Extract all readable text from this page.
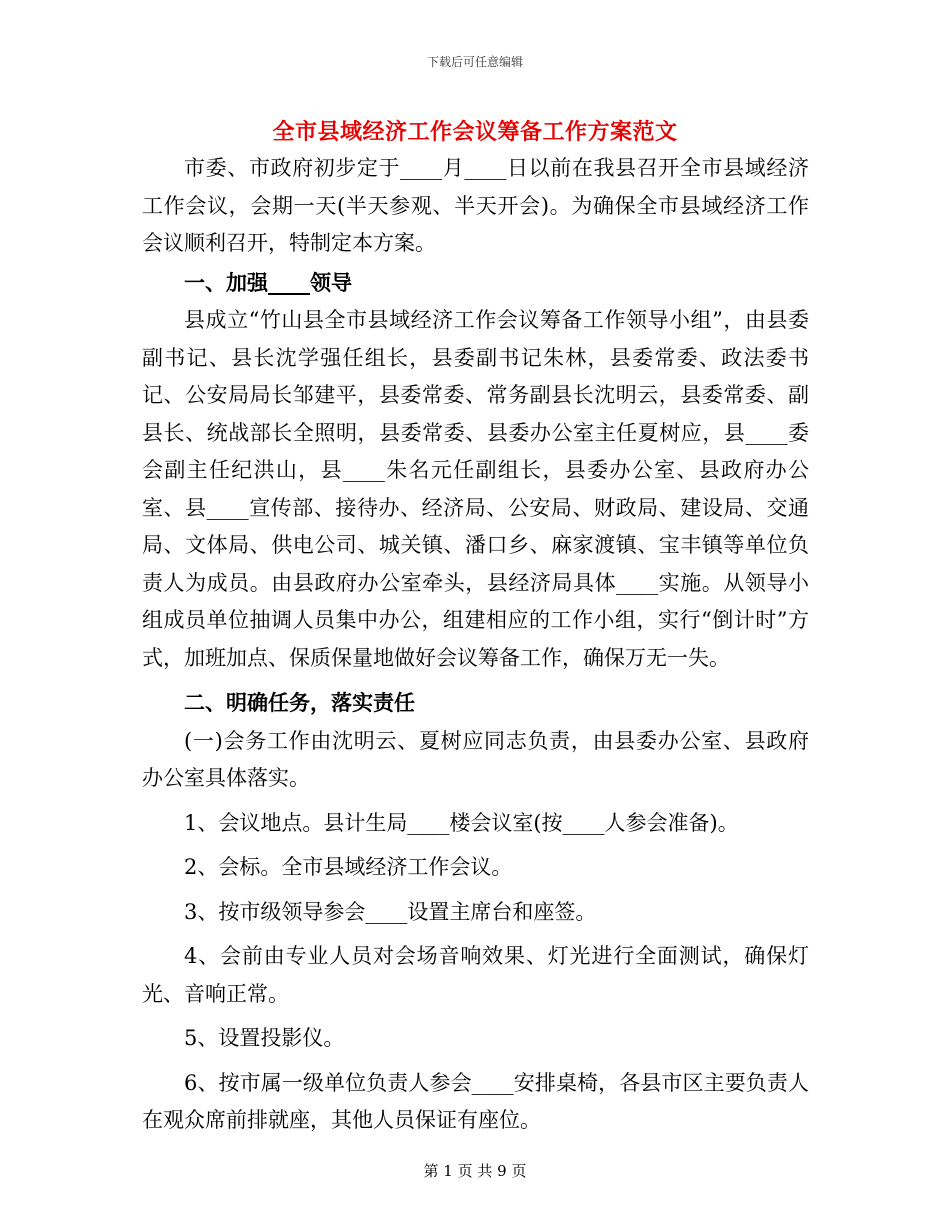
下载后可任意编辑
全市县域经济工作会议筹备工作方案范文

市委、市政府初步定于____月____日以前在我县召开全市县域经济工作会议，会期一天(半天参观、半天开会)。为确保全市县域经济工作会议顺利召开，特制定本方案。

一、加强____领导

县成立“竹山县全市县域经济工作会议筹备工作领导小组”，由县委副书记、县长沈学强任组长，县委副书记朱林，县委常委、政法委书记、公安局局长邹建平，县委常委、常务副县长沈明云，县委常委、副县长、统战部长全照明，县委常委、县委办公室主任夏树应，县____委会副主任纪洪山，县____朱名元任副组长，县委办公室、县政府办公室、县____宣传部、接待办、经济局、公安局、财政局、建设局、交通局、文体局、供电公司、城关镇、潘口乡、麻家渡镇、宝丰镇等单位负责人为成员。由县政府办公室牵头，县经济局具体____实施。从领导小组成员单位抽调人员集中办公，组建相应的工作小组，实行“倒计时”方式，加班加点、保质保量地做好会议筹备工作，确保万无一失。

二、明确任务，落实责任

(一)会务工作由沈明云、夏树应同志负责，由县委办公室、县政府办公室具体落实。

1、会议地点。县计生局____楼会议室(按____人参会准备)。

2、会标。全市县域经济工作会议。

3、按市级领导参会____设置主席台和座签。

4、会前由专业人员对会场音响效果、灯光进行全面测试，确保灯光、音响正常。

5、设置投影仪。

6、按市属一级单位负责人参会____安排桌椅，各县市区主要负责人在观众席前排就座，其他人员保证有座位。

第 1 页 共 9 页
